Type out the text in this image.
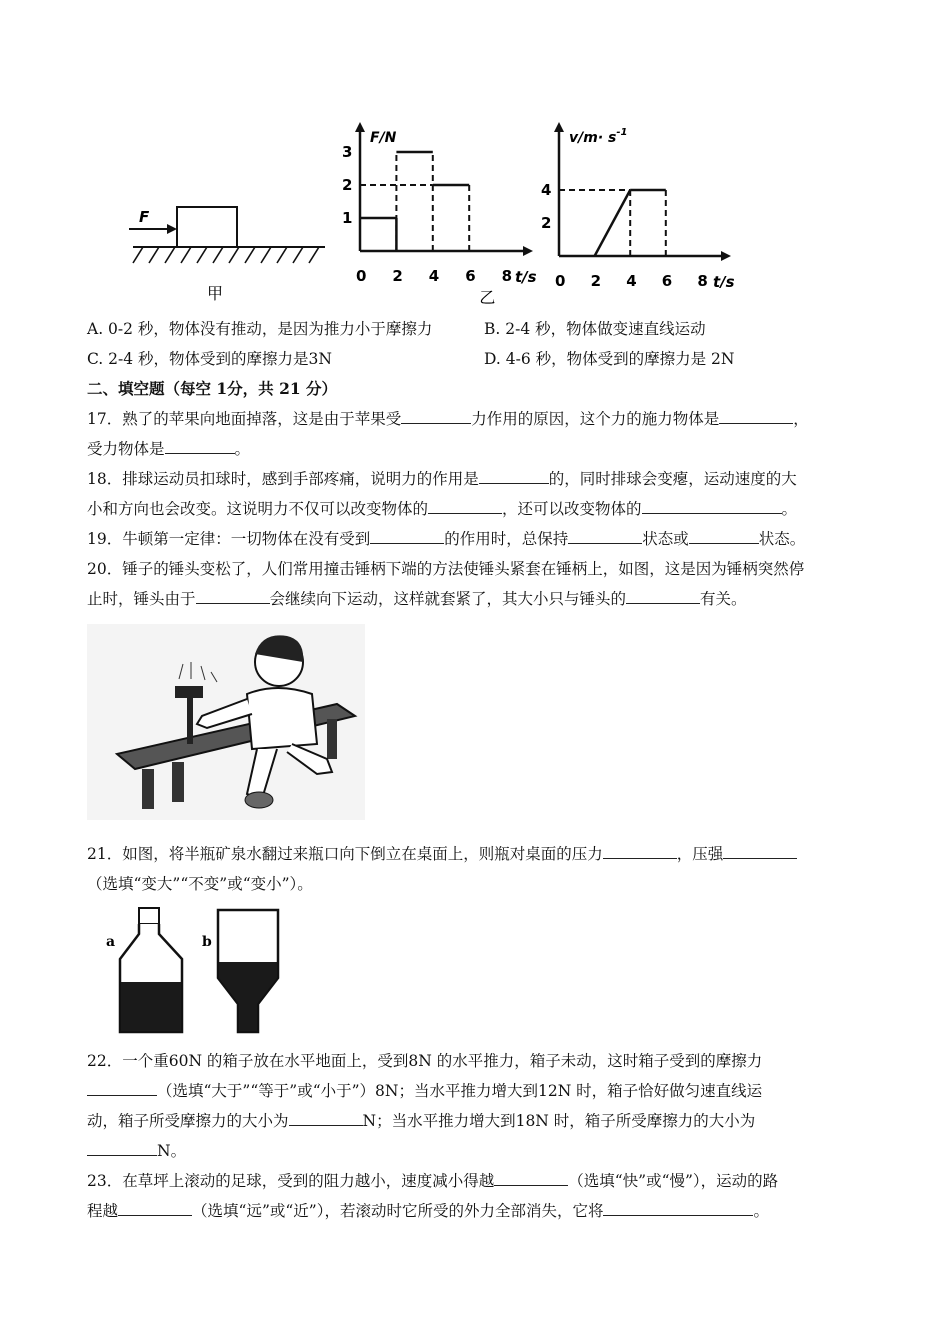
F
甲
F/N
t/s
0 2 4 6 8
1
2
3
乙
$v/m\cdot s^{-1}$
t/s
0 2 4 6 8
2
4
A. 0-2 秒，物体没有推动，是因为推力小于摩擦力	B. 2-4 秒，物体做变速直线运动
C. 2-4 秒，物体受到的摩擦力是3N	D. 4-6 秒，物体受到的摩擦力是 2N
二、填空题（每空 1分，共 21 分）
17．熟了的苹果向地面掉落，这是由于苹果受	力作用的原因，这个力的施力物体是	，
受力物体是	。
18．排球运动员扣球时，感到手部疼痛，说明力的作用是	的，同时排球会变瘪，运动速度的大
小和方向也会改变。这说明力不仅可以改变物体的	，还可以改变物体的	。
19．牛顿第一定律：一切物体在没有受到	的作用时，总保持	状态或	状态。
20．锤子的锤头变松了，人们常用撞击锤柄下端的方法使锤头紧套在锤柄上，如图，这是因为锤柄突然停
止时，锤头由于	会继续向下运动，这样就套紧了，其大小只与锤头的	有关。
21．如图，将半瓶矿泉水翻过来瓶口向下倒立在桌面上，则瓶对桌面的压力	，压强
（选填“变大”“不变”或“变小”）。
a	b
22．一个重60N 的箱子放在水平地面上，受到8N 的水平推力，箱子未动，这时箱子受到的摩擦力
（选填“大于”“等于”或“小于”）8N；当水平推力增大到12N 时，箱子恰好做匀速直线运
动，箱子所受摩擦力的大小为	N；当水平推力增大到18N 时，箱子所受摩擦力的大小为
N。
23．在草坪上滚动的足球，受到的阻力越小，速度减小得越	（选填“快”或“慢”），运动的路
程越	（选填“远”或“近”），若滚动时它所受的外力全部消失，它将	。
